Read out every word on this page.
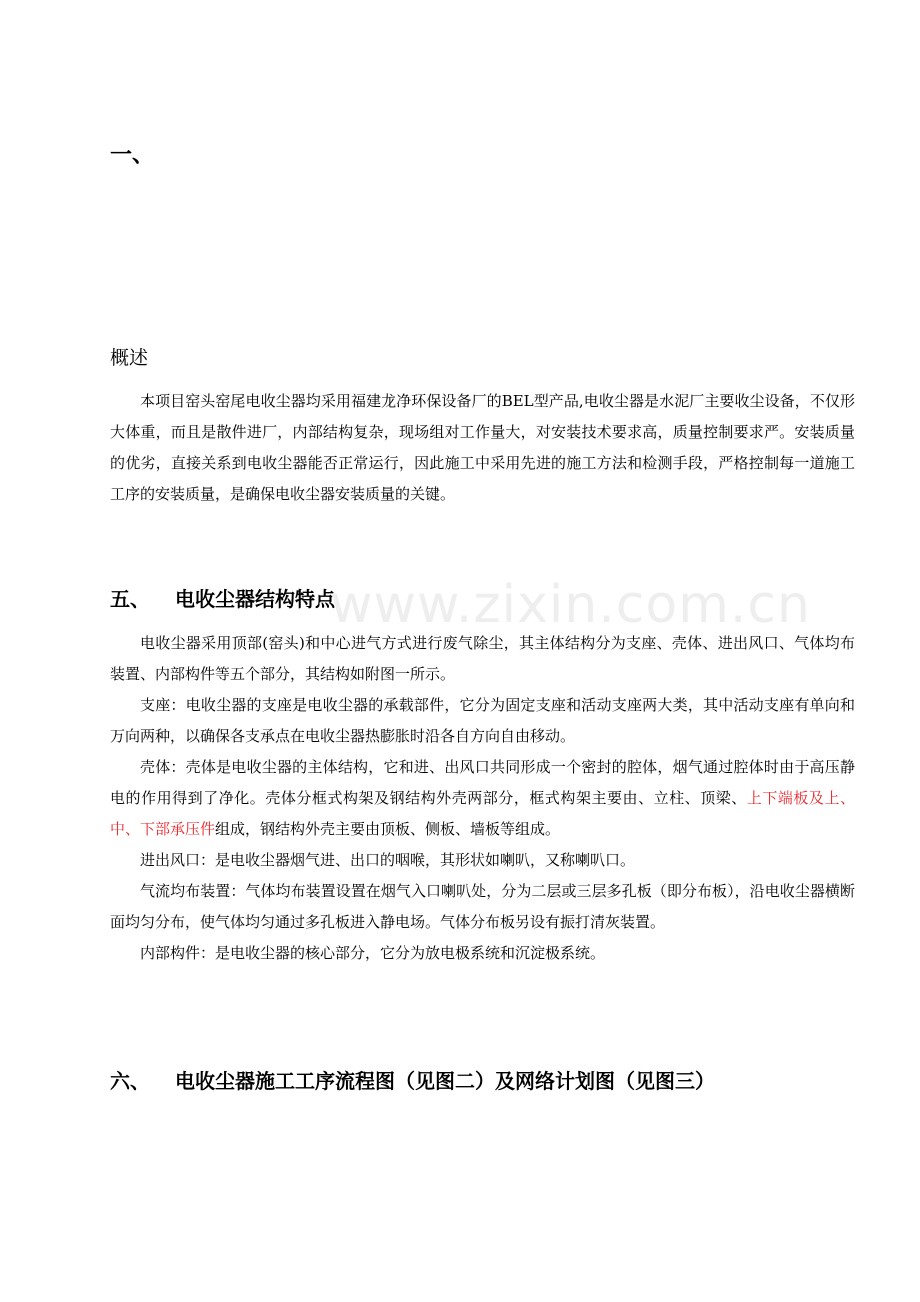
一、
概述

本项目窑头窑尾电收尘器均采用福建龙净环保设备厂的BEL型产品,电收尘器是水泥厂主要收尘设备，不仅形大体重，而且是散件进厂，内部结构复杂，现场组对工作量大，对安装技术要求高，质量控制要求严。安装质量的优劣，直接关系到电收尘器能否正常运行，因此施工中采用先进的施工方法和检测手段，严格控制每一道施工工序的安装质量，是确保电收尘器安装质量的关键。

五、 电收尘器结构特点
www.zixin.com.cn

电收尘器采用顶部(窑头)和中心进气方式进行废气除尘，其主体结构分为支座、壳体、进出风口、气体均布装置、内部构件等五个部分，其结构如附图一所示。

支座：电收尘器的支座是电收尘器的承载部件，它分为固定支座和活动支座两大类，其中活动支座有单向和万向两种，以确保各支承点在电收尘器热膨胀时沿各自方向自由移动。

壳体：壳体是电收尘器的主体结构，它和进、出风口共同形成一个密封的腔体，烟气通过腔体时由于高压静电的作用得到了净化。壳体分框式构架及钢结构外壳两部分，框式构架主要由、立柱、顶梁、上下端板及上、中、下部承压件组成，钢结构外壳主要由顶板、侧板、墙板等组成。

进出风口：是电收尘器烟气进、出口的咽喉，其形状如喇叭，又称喇叭口。

气流均布装置：气体均布装置设置在烟气入口喇叭处，分为二层或三层多孔板（即分布板），沿电收尘器横断面均匀分布，使气体均匀通过多孔板进入静电场。气体分布板另设有振打清灰装置。

内部构件：是电收尘器的核心部分，它分为放电极系统和沉淀极系统。

六、 电收尘器施工工序流程图（见图二）及网络计划图（见图三）
